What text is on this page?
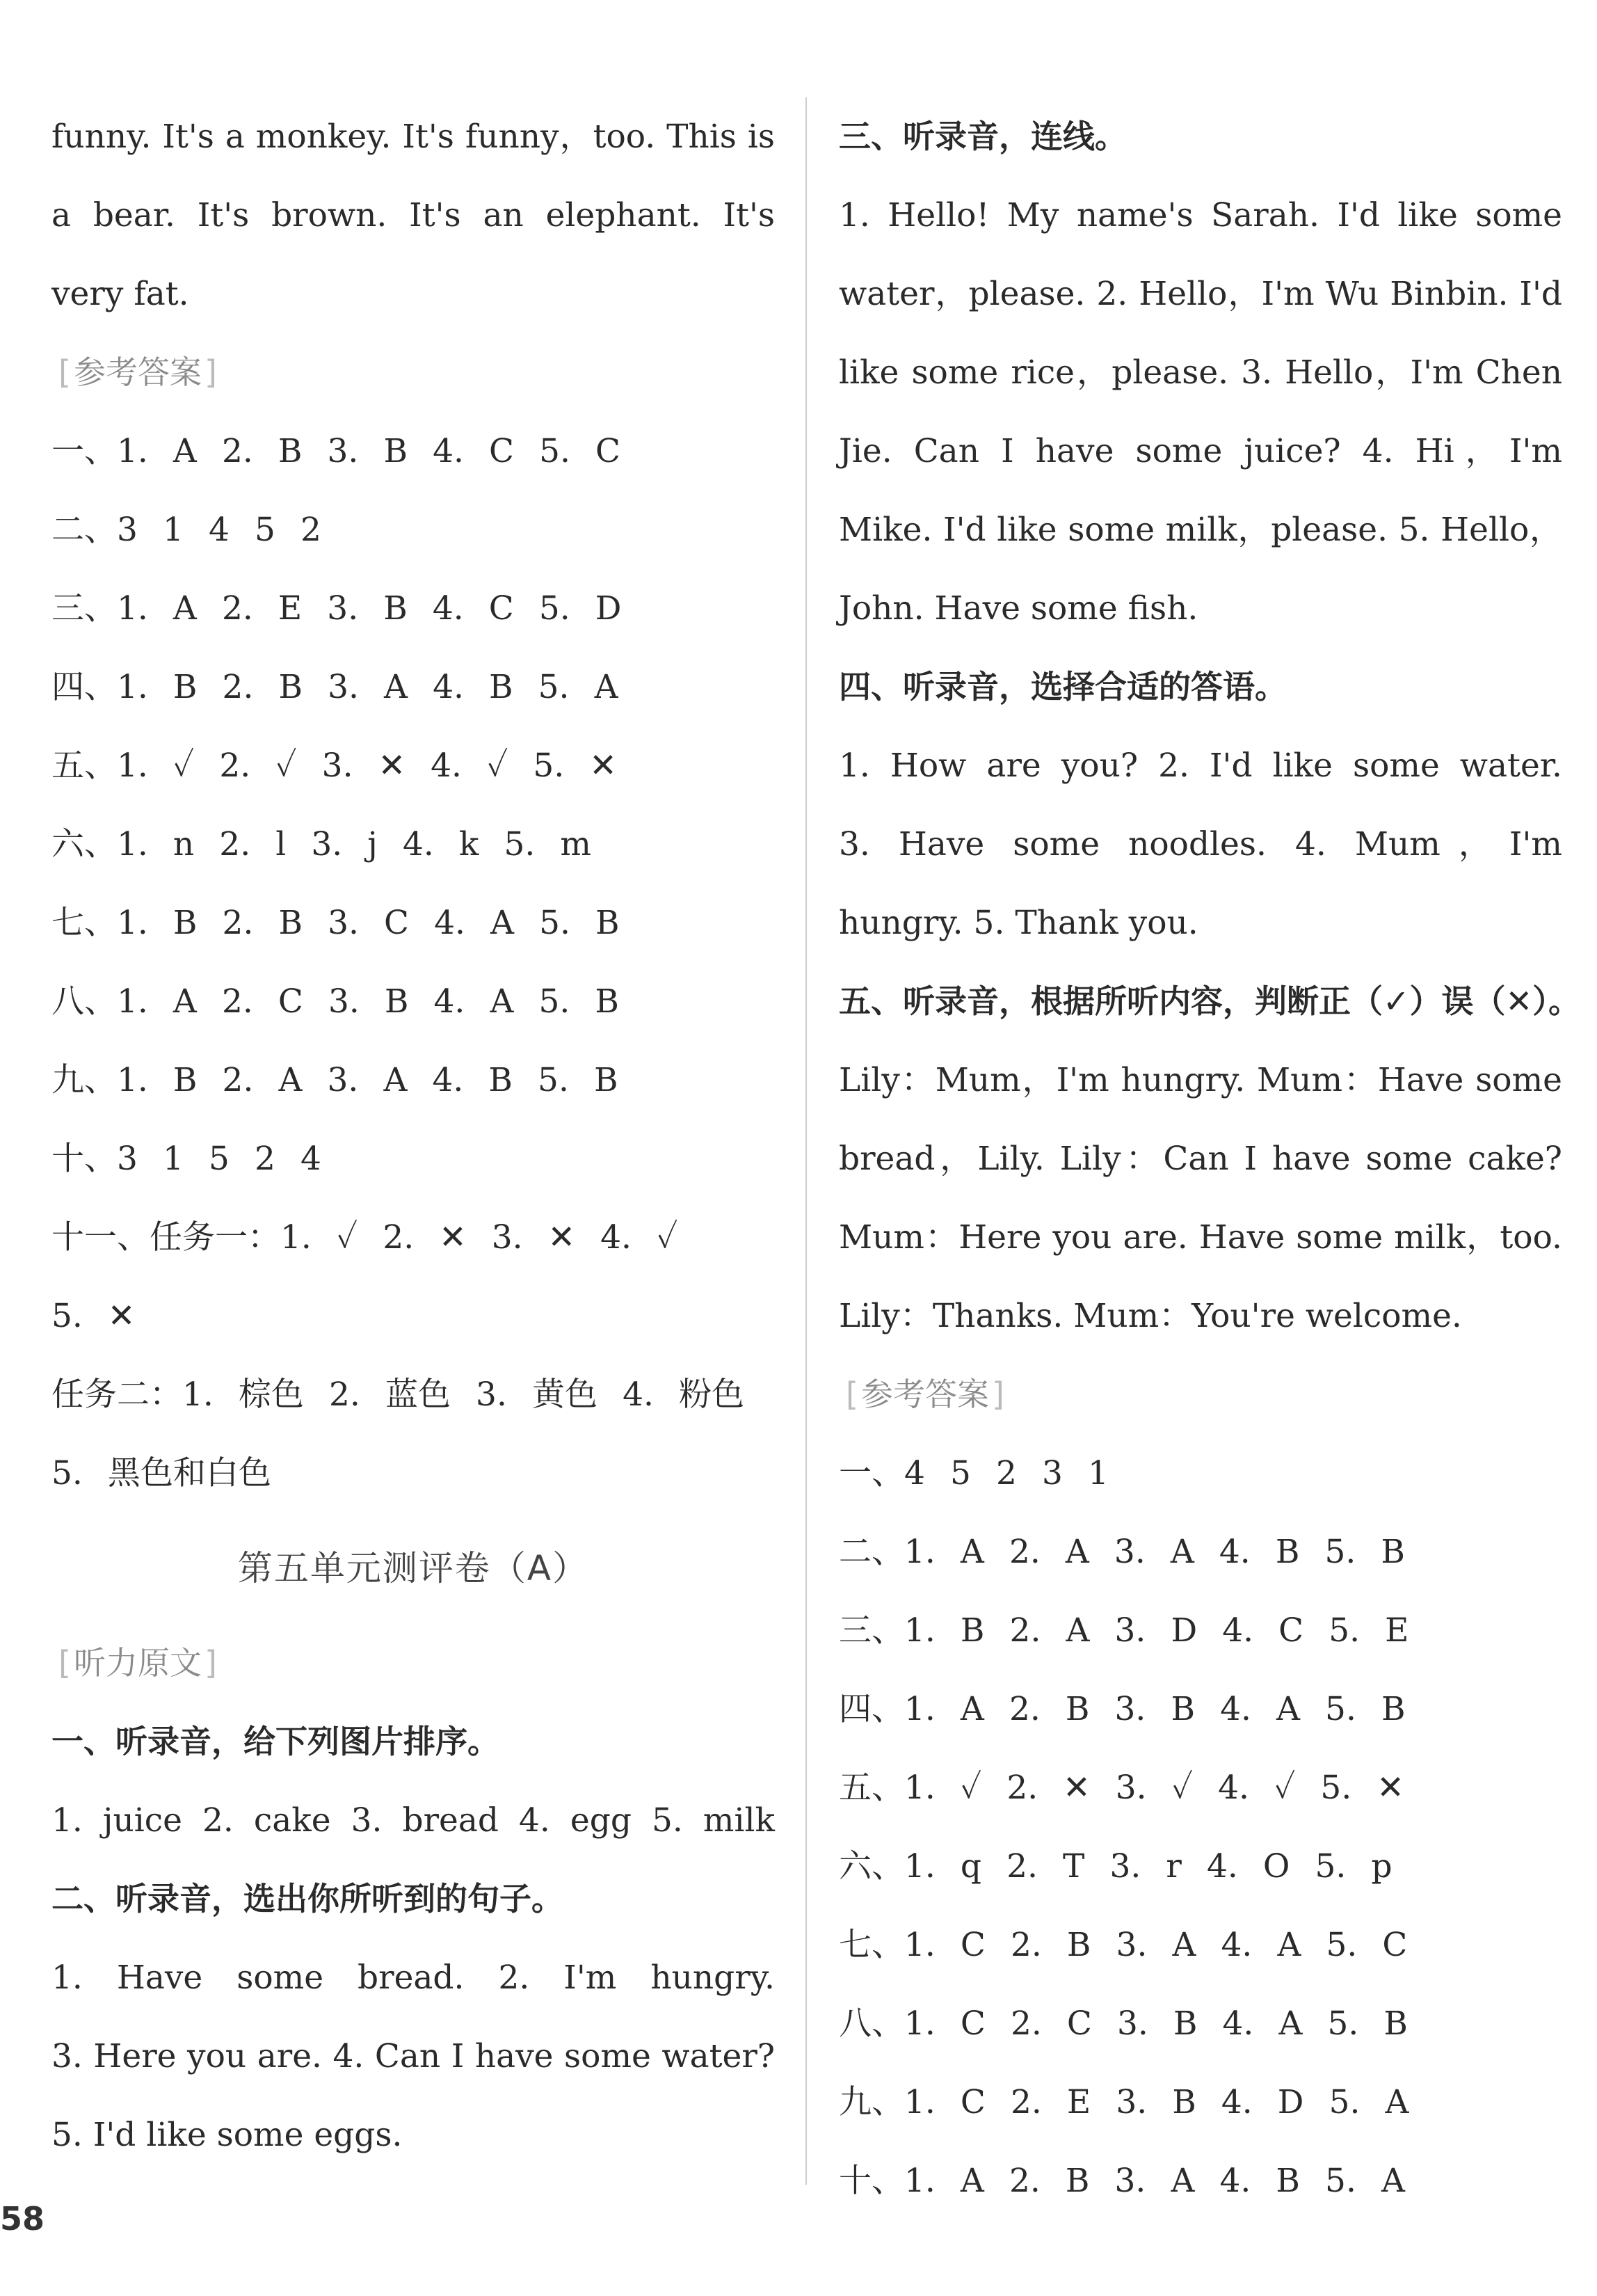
funny. It's a monkey. It's funny，too. This is
a bear. It's brown. It's an elephant. It's
very fat.
[ 参考答案 ]
一、1. A 2. B 3. B 4. C 5. C
二、3 1 4 5 2
三、1. A 2. E 3. B 4. C 5. D
四、1. B 2. B 3. A 4. B 5. A
五、1. ✓ 2. ✓ 3. ✕ 4. ✓ 5. ✕
六、1. n 2. l 3. j 4. k 5. m
七、1. B 2. B 3. C 4. A 5. B
八、1. A 2. C 3. B 4. A 5. B
九、1. B 2. A 3. A 4. B 5. B
十、3 1 5 2 4
十一、任务一：1. ✓ 2. ✕ 3. ✕ 4. ✓
5. ✕
任务二：1. 棕色 2. 蓝色 3. 黄色 4. 粉色
5. 黑色和白色
第五单元测评卷（A）
[ 听力原文 ]
一、听录音，给下列图片排序。
1. juice 2. cake 3. bread 4. egg 5. milk
二、听录音，选出你所听到的句子。
1. Have some bread. 2. I'm hungry.
3. Here you are. 4. Can I have some water?
5. I'd like some eggs.
三、听录音，连线。
1. Hello! My name's Sarah. I'd like some
water，please. 2. Hello，I'm Wu Binbin. I'd
like some rice，please. 3. Hello，I'm Chen
Jie. Can I have some juice? 4. Hi，I'm
Mike. I'd like some milk，please. 5. Hello，
John. Have some fish.
四、听录音，选择合适的答语。
1. How are you? 2. I'd like some water.
3. Have some noodles. 4. Mum，I'm
hungry. 5. Thank you.
五、听录音，根据所听内容，判断正（✓）误（✕）。
Lily：Mum，I'm hungry. Mum：Have some
bread，Lily. Lily：Can I have some cake?
Mum：Here you are. Have some milk，too.
Lily：Thanks. Mum：You're welcome.
[ 参考答案 ]
一、4 5 2 3 1
二、1. A 2. A 3. A 4. B 5. B
三、1. B 2. A 3. D 4. C 5. E
四、1. A 2. B 3. B 4. A 5. B
五、1. ✓ 2. ✕ 3. ✓ 4. ✓ 5. ✕
六、1. q 2. T 3. r 4. O 5. p
七、1. C 2. B 3. A 4. A 5. C
八、1. C 2. C 3. B 4. A 5. B
九、1. C 2. E 3. B 4. D 5. A
十、1. A 2. B 3. A 4. B 5. A
58
